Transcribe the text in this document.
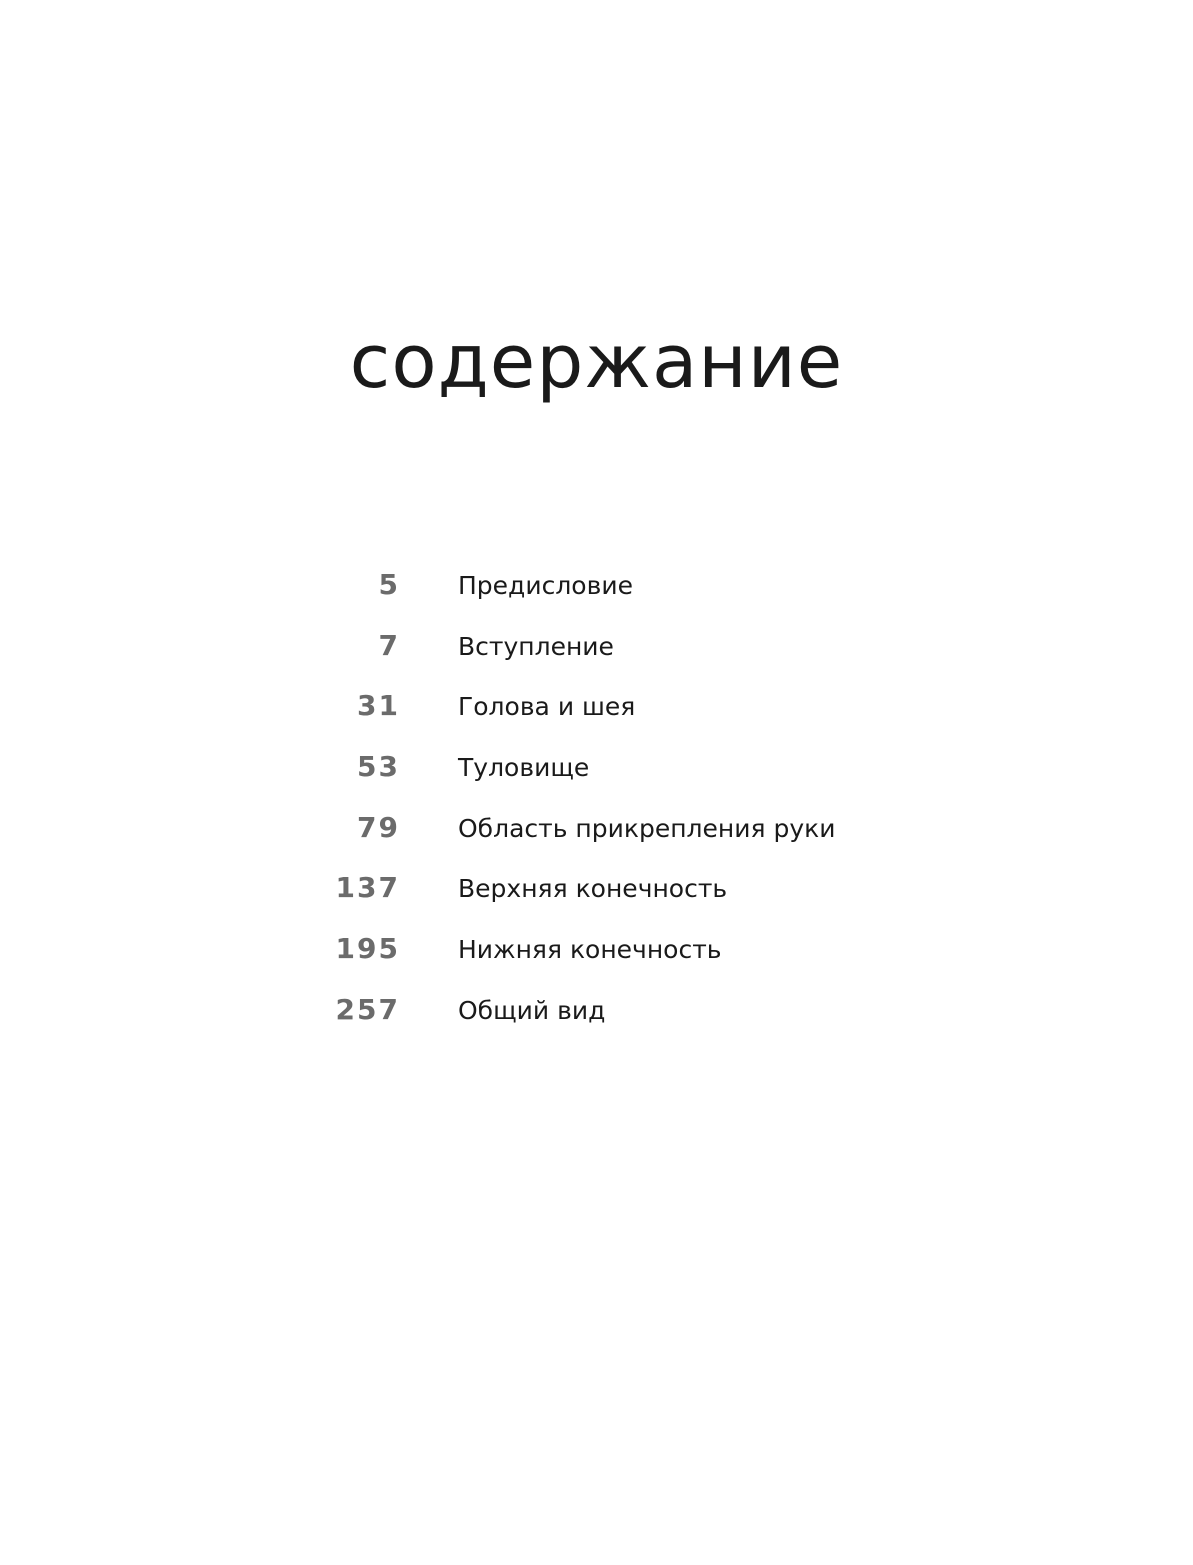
содержание
5 Предисловие
7 Вступление
31 Голова и шея
53 Туловище
79 Область прикрепления руки
137 Верхняя конечность
195 Нижняя конечность
257 Общий вид
